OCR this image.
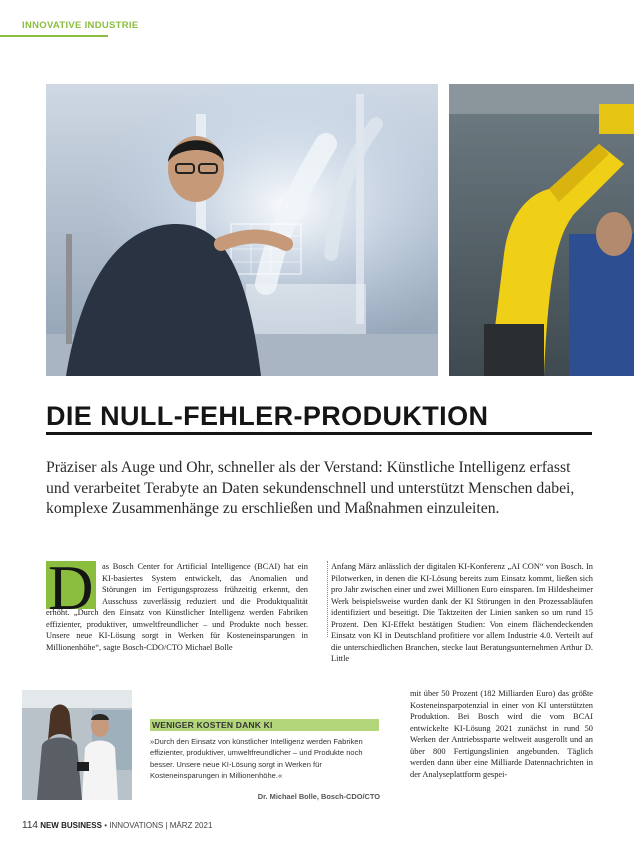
INNOVATIVE INDUSTRIE
DIE NULL-FEHLER-PRODUKTION
Präziser als Auge und Ohr, schneller als der Verstand: Künstliche Intelligenz erfasst und verarbeitet Terabyte an Daten sekundenschnell und unterstützt Menschen dabei, komplexe Zusammenhänge zu erschließen und Maßnahmen einzuleiten.
D	as Bosch Center for Artificial Intelligence (BCAI) hat ein KI-basiertes System entwickelt, das Anomalien und Störungen im Fertigungsprozess frühzeitig erkennt, den Ausschuss zuverlässig reduziert und die Produktqualität erhöht. „Durch den Einsatz von Künstlicher Intelligenz werden Fabriken effizienter, produktiver, umweltfreundlicher – und Produkte noch besser. Unsere neue KI-Lösung sorgt in Werken für Kosteneinsparungen in Millionenhöhe“, sagte Bosch-CDO/CTO Michael Bolle
Anfang März anlässlich der digitalen KI-Konferenz „AI CON“ von Bosch. In Pilotwerken, in denen die KI-Lösung bereits zum Einsatz kommt, ließen sich pro Jahr zwischen einer und zwei Millionen Euro einsparen. Im Hildesheimer Werk beispielsweise wurden dank der KI Störungen in den Prozessabläufen identifiziert und beseitigt. Die Taktzeiten der Linien sanken so um rund 15 Prozent. Den KI-Effekt bestätigen Studien: Von einem flächendeckenden Einsatz von KI in Deutschland profitiere vor allem Industrie 4.0. Verteilt auf die unterschiedlichen Branchen, stecke laut Beratungsunternehmen Arthur D. Little
mit über 50 Prozent (182 Milliarden Euro) das größte Kosteneinsparpotenzial in einer von KI unterstützten Produktion. Bei Bosch wird die vom BCAI entwickelte KI-Lösung 2021 zunächst in rund 50 Werken der Antriebssparte weltweit ausgerollt und an über 800 Fertigungslinien angebunden. Täglich werden dann über eine Milliarde Datennachrichten in der Analyseplattform gespei-
WENIGER KOSTEN DANK KI
»Durch den Einsatz von künstlicher Intelligenz werden Fabriken effizienter, produktiver, umweltfreundlicher – und Produkte noch besser. Unsere neue KI-Lösung sorgt in Werken für Kosteneinsparungen in Millionenhöhe.«
Dr. Michael Bolle, Bosch-CDO/CTO
114 NEW BUSINESS • INNOVATIONS | MÄRZ 2021
